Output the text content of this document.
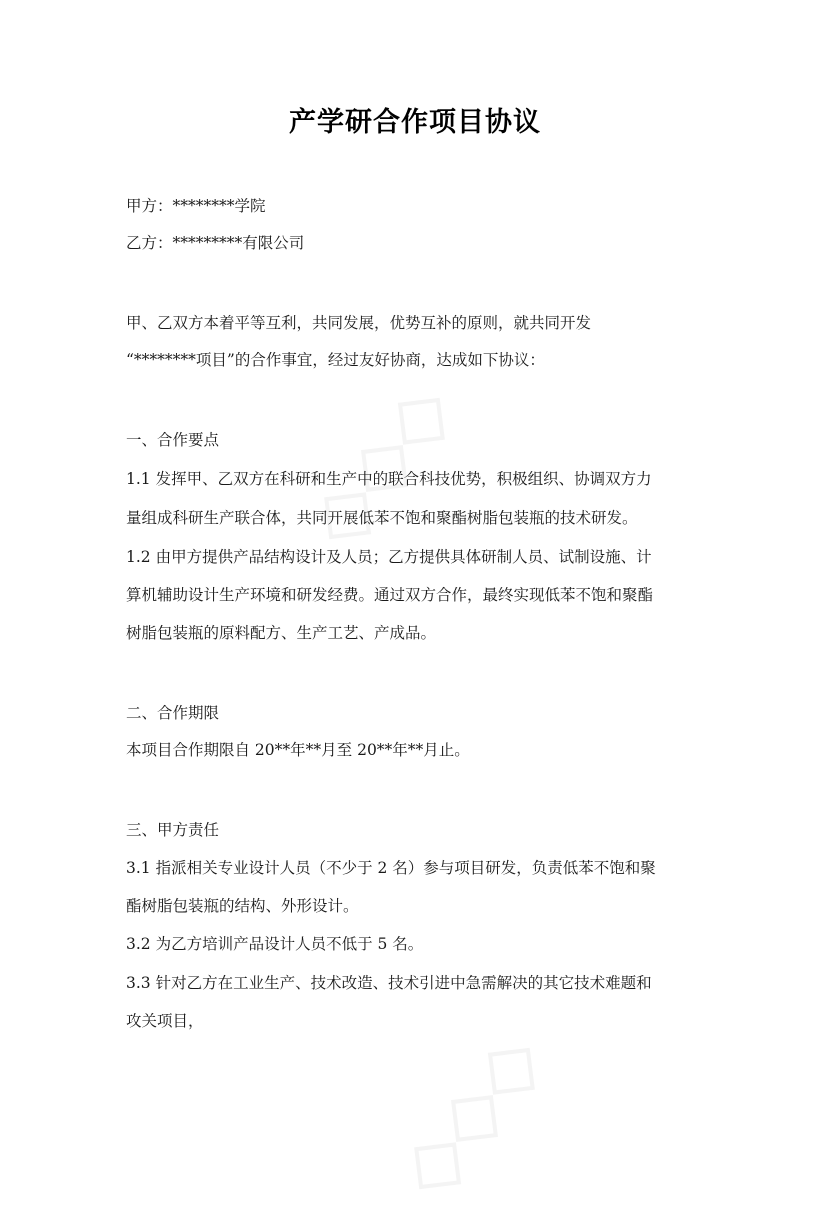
产学研合作项目协议
甲方：********学院
乙方：*********有限公司
甲、乙双方本着平等互利，共同发展，优势互补的原则，就共同开发
“********项目”的合作事宜，经过友好协商，达成如下协议：
一、合作要点
1.1 发挥甲、乙双方在科研和生产中的联合科技优势，积极组织、协调双方力
量组成科研生产联合体，共同开展低苯不饱和聚酯树脂包装瓶的技术研发。
1.2 由甲方提供产品结构设计及人员；乙方提供具体研制人员、试制设施、计
算机辅助设计生产环境和研发经费。通过双方合作，最终实现低苯不饱和聚酯
树脂包装瓶的原料配方、生产工艺、产成品。
二、合作期限
本项目合作期限自 20**年**月至 20**年**月止。
三、甲方责任
3.1 指派相关专业设计人员（不少于 2 名）参与项目研发，负责低苯不饱和聚
酯树脂包装瓶的结构、外形设计。
3.2 为乙方培训产品设计人员不低于 5 名。
3.3 针对乙方在工业生产、技术改造、技术引进中急需解决的其它技术难题和
攻关项目，
